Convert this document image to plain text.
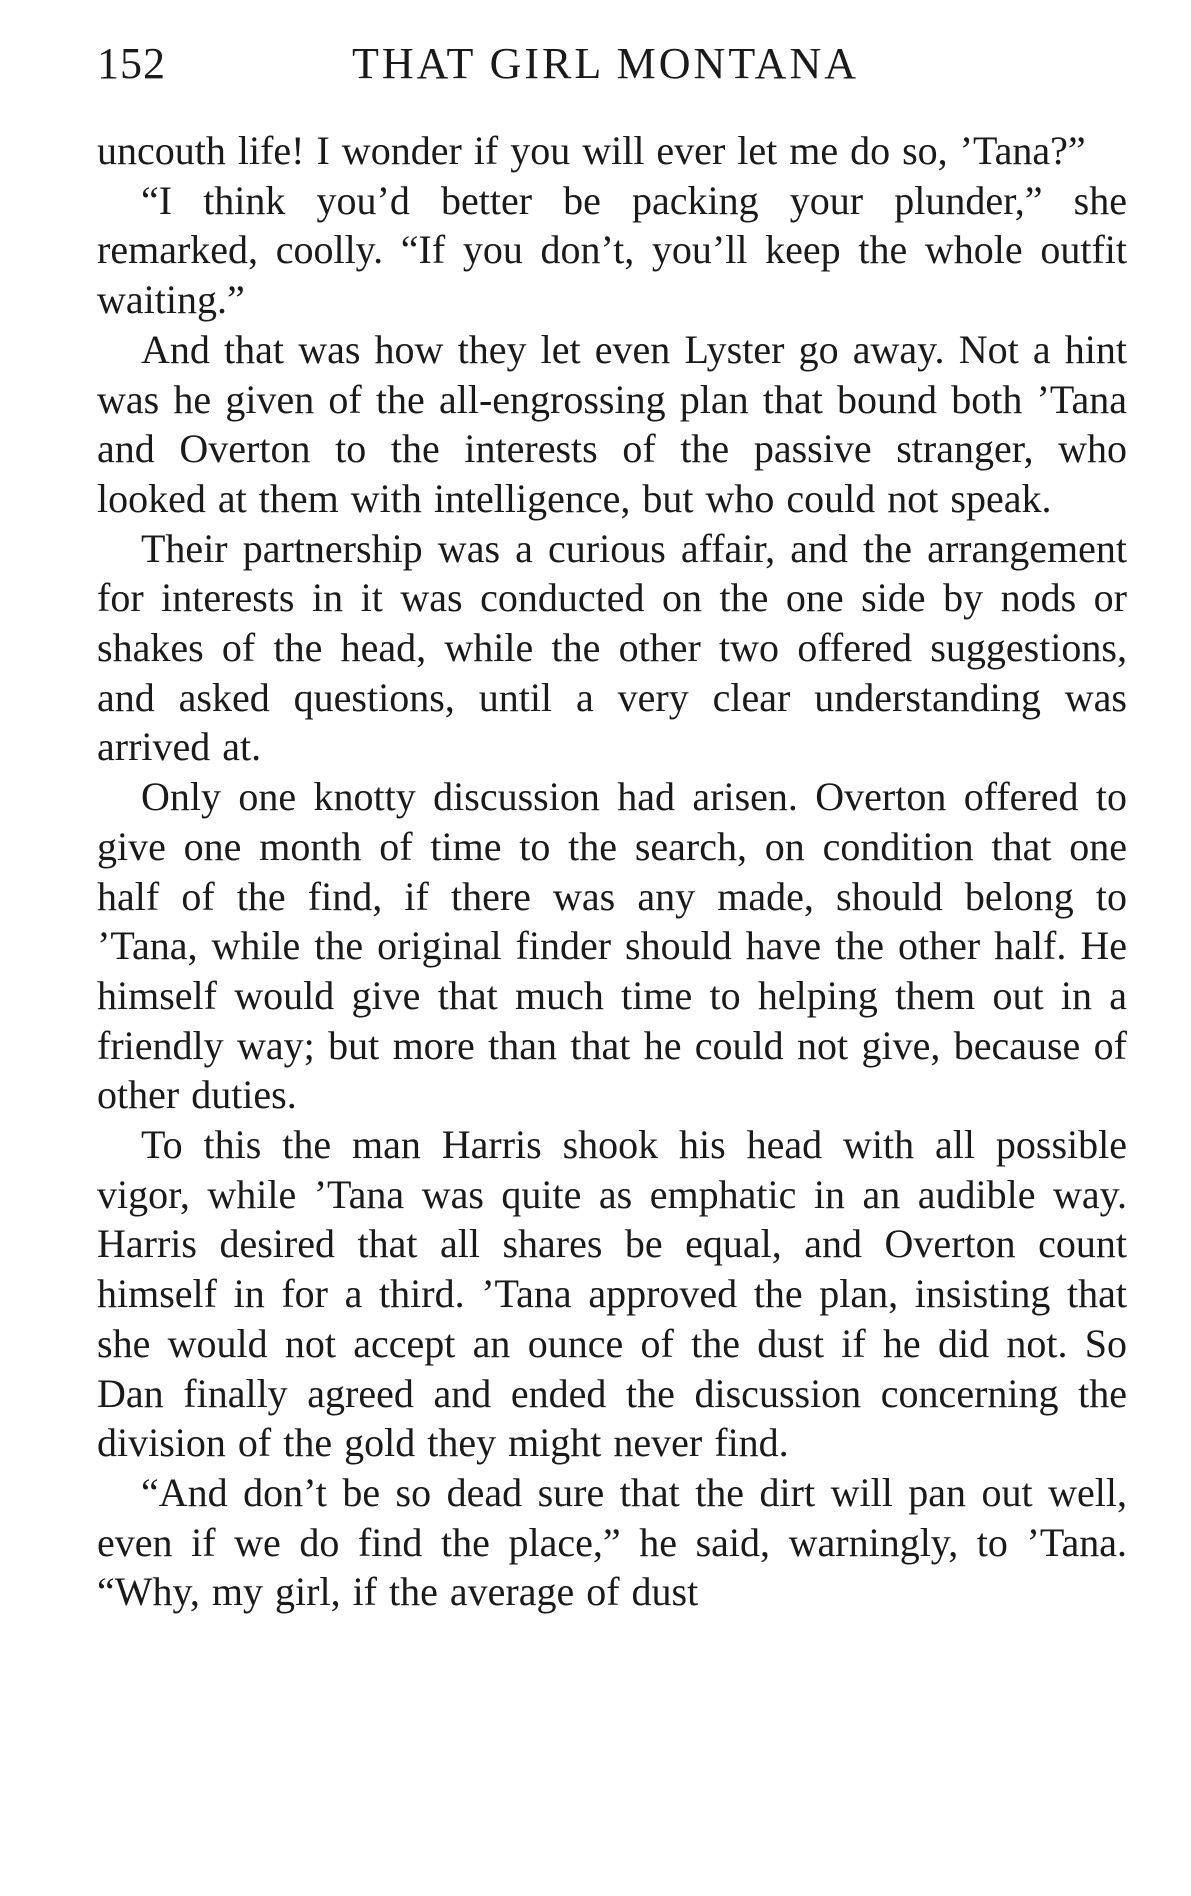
152	THAT GIRL MONTANA

uncouth life! I wonder if you will ever let me do so, ’Tana?”

“I think you’d better be packing your plunder,” she remarked, coolly. “If you don’t, you’ll keep the whole outfit waiting.”

And that was how they let even Lyster go away. Not a hint was he given of the all-engrossing plan that bound both ’Tana and Overton to the interests of the passive stranger, who looked at them with intelligence, but who could not speak.

Their partnership was a curious affair, and the arrangement for interests in it was conducted on the one side by nods or shakes of the head, while the other two offered suggestions, and asked questions, until a very clear understanding was arrived at.

Only one knotty discussion had arisen. Overton offered to give one month of time to the search, on condition that one half of the find, if there was any made, should belong to ’Tana, while the original finder should have the other half. He himself would give that much time to helping them out in a friendly way; but more than that he could not give, because of other duties.

To this the man Harris shook his head with all possible vigor, while ’Tana was quite as emphatic in an audible way. Harris desired that all shares be equal, and Overton count himself in for a third. ’Tana approved the plan, insisting that she would not accept an ounce of the dust if he did not. So Dan finally agreed and ended the discussion concerning the division of the gold they might never find.

“And don’t be so dead sure that the dirt will pan out well, even if we do find the place,” he said, warningly, to ’Tana. “Why, my girl, if the average of dust
